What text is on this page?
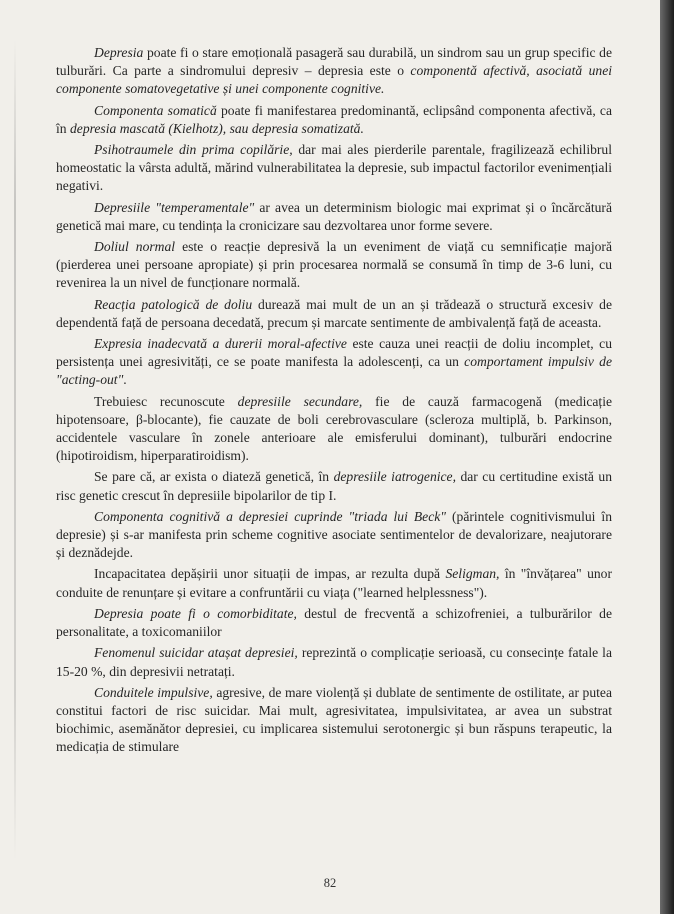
Depresia poate fi o stare emoțională pasageră sau durabilă, un sindrom sau un grup specific de tulburări. Ca parte a sindromului depresiv – depresia este o componentă afectivă, asociată unei componente somatovegetative și unei componente cognitive.

Componenta somatică poate fi manifestarea predominantă, eclipsând componenta afectivă, ca în depresia mascată (Kielhotz), sau depresia somatizată.

Psihotraumele din prima copilărie, dar mai ales pierderile parentale, fragilizează echilibrul homeostatic la vârsta adultă, mărind vulnerabilitatea la depresie, sub impactul factorilor evenimențiali negativi.

Depresiile "temperamentale" ar avea un determinism biologic mai exprimat și o încărcătură genetică mai mare, cu tendința la cronicizare sau dezvoltarea unor forme severe.

Doliul normal este o reacție depresivă la un eveniment de viață cu semnificație majoră (pierderea unei persoane apropiate) și prin procesarea normală se consumă în timp de 3-6 luni, cu revenirea la un nivel de funcționare normală.

Reacția patologică de doliu durează mai mult de un an și trădează o structură excesiv de dependentă față de persoana decedată, precum și marcate sentimente de ambivalență față de aceasta.

Expresia inadecvată a durerii moral-afective este cauza unei reacții de doliu incomplet, cu persistența unei agresivități, ce se poate manifesta la adolescenți, ca un comportament impulsiv de "acting-out".

Trebuiesc recunoscute depresiile secundare, fie de cauză farmacogenă (medicație hipotensoare, β-blocante), fie cauzate de boli cerebrovasculare (scleroza multiplă, b. Parkinson, accidentele vasculare în zonele anterioare ale emisferului dominant), tulburări endocrine (hipotiroidism, hiperparatiroidism).

Se pare că, ar exista o diateză genetică, în depresiile iatrogenice, dar cu certitudine există un risc genetic crescut în depresiile bipolarilor de tip I.

Componenta cognitivă a depresiei cuprinde "triada lui Beck" (părintele cognitivismului în depresie) și s-ar manifesta prin scheme cognitive asociate sentimentelor de devalorizare, neajutorare și deznădejde.

Incapacitatea depășirii unor situații de impas, ar rezulta după Seligman, în "învățarea" unor conduite de renunțare și evitare a confruntării cu viața ("learned helplessness").

Depresia poate fi o comorbiditate, destul de frecventă a schizofreniei, a tulburărilor de personalitate, a toxicomaniilor

Fenomenul suicidar atașat depresiei, reprezintă o complicație serioasă, cu consecințe fatale la 15-20 %, din depresivii netratați.

Conduitele impulsive, agresive, de mare violență și dublate de sentimente de ostilitate, ar putea constitui factori de risc suicidar. Mai mult, agresivitatea, impulsivitatea, ar avea un substrat biochimic, asemănător depresiei, cu implicarea sistemului serotonergic și bun răspuns terapeutic, la medicația de stimulare

82
